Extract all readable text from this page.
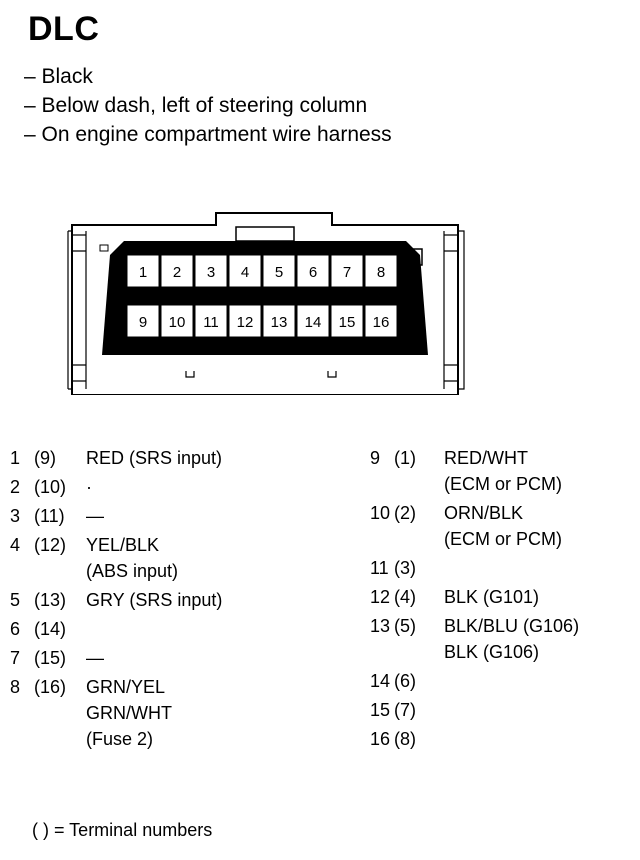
DLC
– Black
– Below dash, left of steering column
– On engine compartment wire harness
1 2 3 4 5 6 7 8
9 10 11 12 13 14 15 16
1 (9) RED (SRS input)
2 (10) ·
3 (11) —
4 (12) YEL/BLK
(ABS input)
5 (13) GRY (SRS input)
6 (14)
7 (15) —
8 (16) GRN/YEL
GRN/WHT
(Fuse 2)
9 (1) RED/WHT
(ECM or PCM)
10 (2) ORN/BLK
(ECM or PCM)
11 (3)
12 (4) BLK (G101)
13 (5) BLK/BLU (G106)
BLK (G106)
14 (6)
15 (7)
16 (8)
( ) = Terminal numbers
